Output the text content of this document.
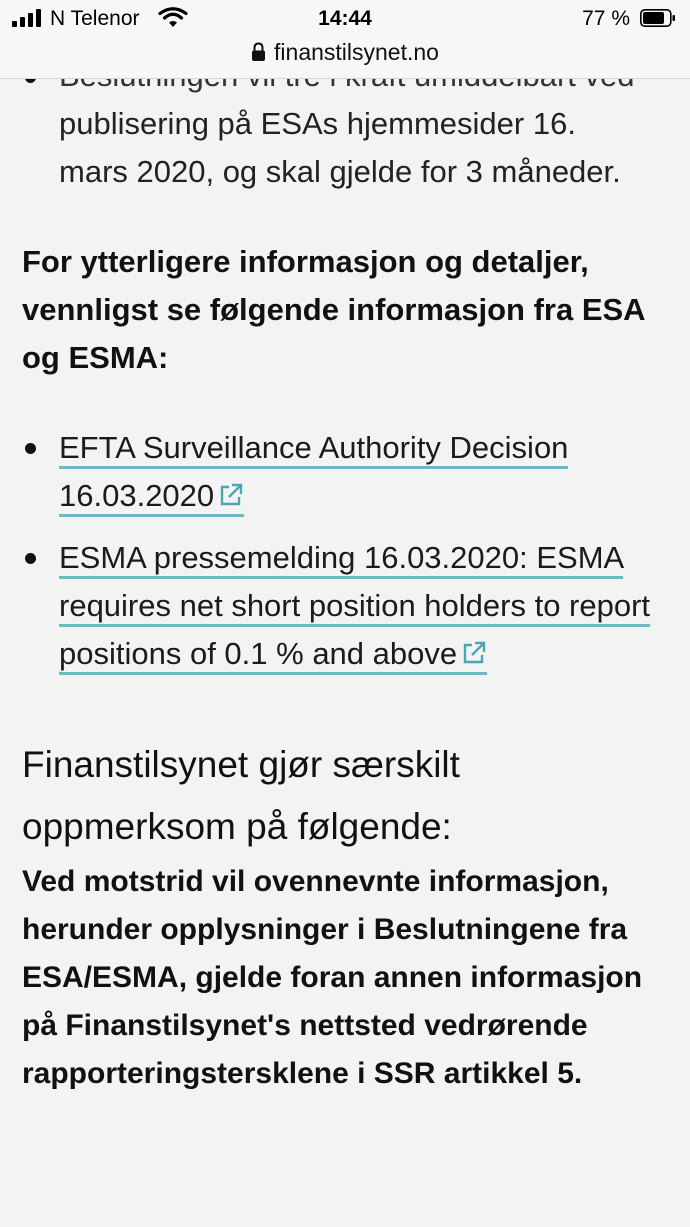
N Telenor	14:44	77 %
finanstilsynet.no
publisering på ESAs hjemmesider 16.
mars 2020, og skal gjelde for 3 måneder.

For ytterligere informasjon og detaljer, vennligst se følgende informasjon fra ESA og ESMA:

EFTA Surveillance Authority Decision 16.03.2020
ESMA pressemelding 16.03.2020: ESMA requires net short position holders to report positions of 0.1 % and above
Finanstilsynet gjør særskilt oppmerksom på følgende:

Ved motstrid vil ovennevnte informasjon, herunder opplysninger i Beslutningene fra ESA/ESMA, gjelde foran annen informasjon på Finanstilsynet's nettsted vedrørende rapporteringstersklene i SSR artikkel 5.
